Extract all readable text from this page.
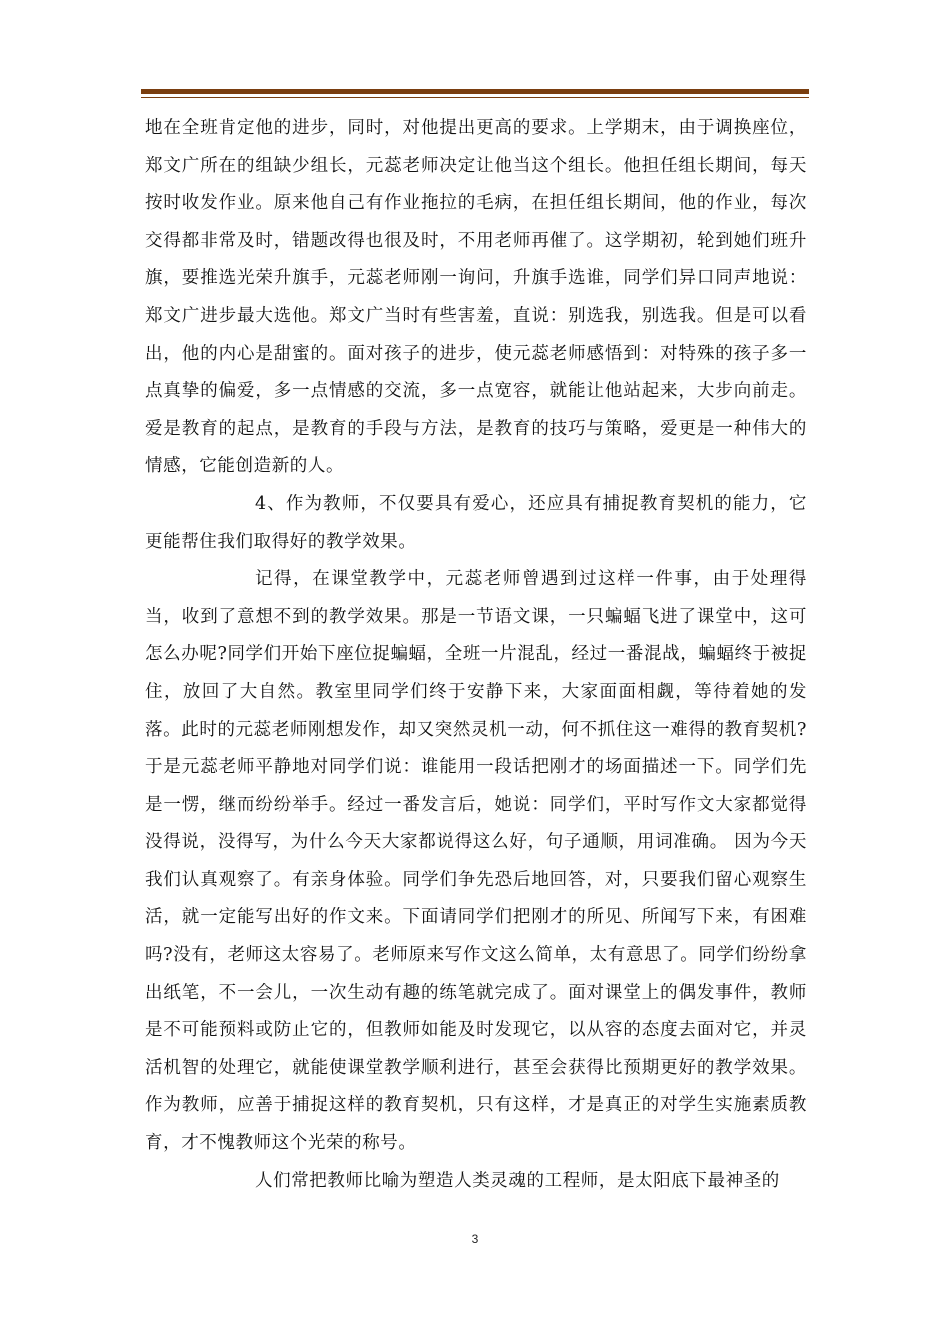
地在全班肯定他的进步，同时，对他提出更高的要求。上学期末，由于调换座位，郑文广所在的组缺少组长，元蕊老师决定让他当这个组长。他担任组长期间，每天按时收发作业。原来他自己有作业拖拉的毛病，在担任组长期间，他的作业，每次交得都非常及时，错题改得也很及时，不用老师再催了。这学期初，轮到她们班升旗，要推选光荣升旗手，元蕊老师刚一询问，升旗手选谁，同学们异口同声地说：郑文广进步最大选他。郑文广当时有些害羞，直说：别选我，别选我。但是可以看出，他的内心是甜蜜的。面对孩子的进步，使元蕊老师感悟到：对特殊的孩子多一点真挚的偏爱，多一点情感的交流，多一点宽容，就能让他站起来，大步向前走。爱是教育的起点，是教育的手段与方法，是教育的技巧与策略，爱更是一种伟大的情感，它能创造新的人。

4、作为教师，不仅要具有爱心，还应具有捕捉教育契机的能力，它更能帮住我们取得好的教学效果。

记得，在课堂教学中，元蕊老师曾遇到过这样一件事，由于处理得当，收到了意想不到的教学效果。那是一节语文课，一只蝙蝠飞进了课堂中，这可怎么办呢?同学们开始下座位捉蝙蝠，全班一片混乱，经过一番混战，蝙蝠终于被捉住，放回了大自然。教室里同学们终于安静下来，大家面面相觑，等待着她的发落。此时的元蕊老师刚想发作，却又突然灵机一动，何不抓住这一难得的教育契机?于是元蕊老师平静地对同学们说：谁能用一段话把刚才的场面描述一下。同学们先是一愣，继而纷纷举手。经过一番发言后，她说：同学们，平时写作文大家都觉得没得说，没得写，为什么今天大家都说得这么好，句子通顺，用词准确。 因为今天我们认真观察了。有亲身体验。同学们争先恐后地回答，对，只要我们留心观察生活，就一定能写出好的作文来。下面请同学们把刚才的所见、所闻写下来，有困难吗?没有，老师这太容易了。老师原来写作文这么简单，太有意思了。同学们纷纷拿出纸笔，不一会儿，一次生动有趣的练笔就完成了。面对课堂上的偶发事件，教师是不可能预料或防止它的，但教师如能及时发现它，以从容的态度去面对它，并灵活机智的处理它，就能使课堂教学顺利进行，甚至会获得比预期更好的教学效果。作为教师，应善于捕捉这样的教育契机，只有这样，才是真正的对学生实施素质教育，才不愧教师这个光荣的称号。

人们常把教师比喻为塑造人类灵魂的工程师，是太阳底下最神圣的

3
